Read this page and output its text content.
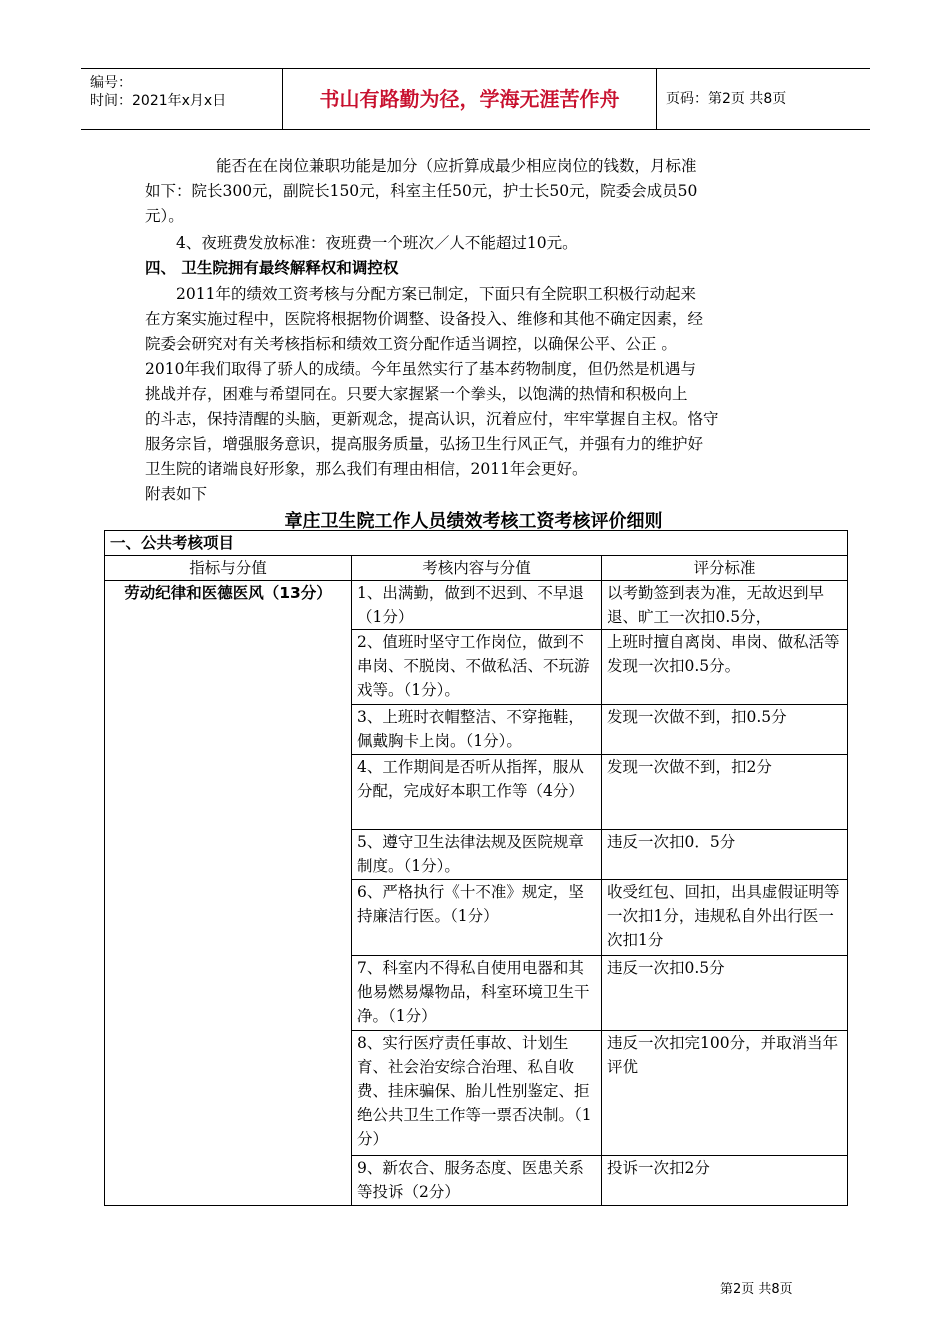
编号：
时间：2021年x月x日	书山有路勤为径，学海无涯苦作舟	页码：第2页 共8页
能否在在岗位兼职功能是加分（应折算成最少相应岗位的钱数，月标准
如下：院长300元，副院长150元，科室主任50元，护士长50元，院委会成员50
元）。
4、夜班费发放标准：夜班费一个班次／人不能超过10元。
四、 卫生院拥有最终解释权和调控权
2011年的绩效工资考核与分配方案已制定，下面只有全院职工积极行动起来
在方案实施过程中，医院将根据物价调整、设备投入、维修和其他不确定因素，经
院委会研究对有关考核指标和绩效工资分配作适当调控，以确保公平、公正 。
2010年我们取得了骄人的成绩。今年虽然实行了基本药物制度，但仍然是机遇与
挑战并存，困难与希望同在。只要大家握紧一个拳头，以饱满的热情和积极向上
的斗志，保持清醒的头脑，更新观念，提高认识，沉着应付，牢牢掌握自主权。恪守
服务宗旨，增强服务意识，提高服务质量，弘扬卫生行风正气，并强有力的维护好
卫生院的诸端良好形象，那么我们有理由相信，2011年会更好。
附表如下
章庄卫生院工作人员绩效考核工资考核评价细则
一、公共考核项目		
指标与分值	考核内容与分值	评分标准
劳动纪律和医德医风（13分）	1、出满勤，做到不迟到、不早退（1分）	以考勤签到表为准，无故迟到早退、旷工一次扣0.5分，
	2、值班时坚守工作岗位，做到不串岗、不脱岗、不做私活、不玩游戏等。（1分）。	上班时擅自离岗、串岗、做私活等发现一次扣0.5分。
	3、上班时衣帽整洁、不穿拖鞋，佩戴胸卡上岗。（1分）。	发现一次做不到，扣0.5分
	4、工作期间是否听从指挥，服从分配，完成好本职工作等（4分）	发现一次做不到，扣2分
	5、遵守卫生法律法规及医院规章制度。（1分）。	违反一次扣0．5分
	6、严格执行《十不准》规定，坚持廉洁行医。（1分）	收受红包、回扣，出具虚假证明等一次扣1分，违规私自外出行医一次扣1分
	7、科室内不得私自使用电器和其他易燃易爆物品，科室环境卫生干净。（1分）	违反一次扣0.5分
	8、实行医疗责任事故、计划生育、社会治安综合治理、私自收费、挂床骗保、胎儿性别鉴定、拒绝公共卫生工作等一票否决制。（1分）	违反一次扣完100分，并取消当年评优
	9、新农合、服务态度、医患关系等投诉（2分）	投诉一次扣2分
第2页 共8页
